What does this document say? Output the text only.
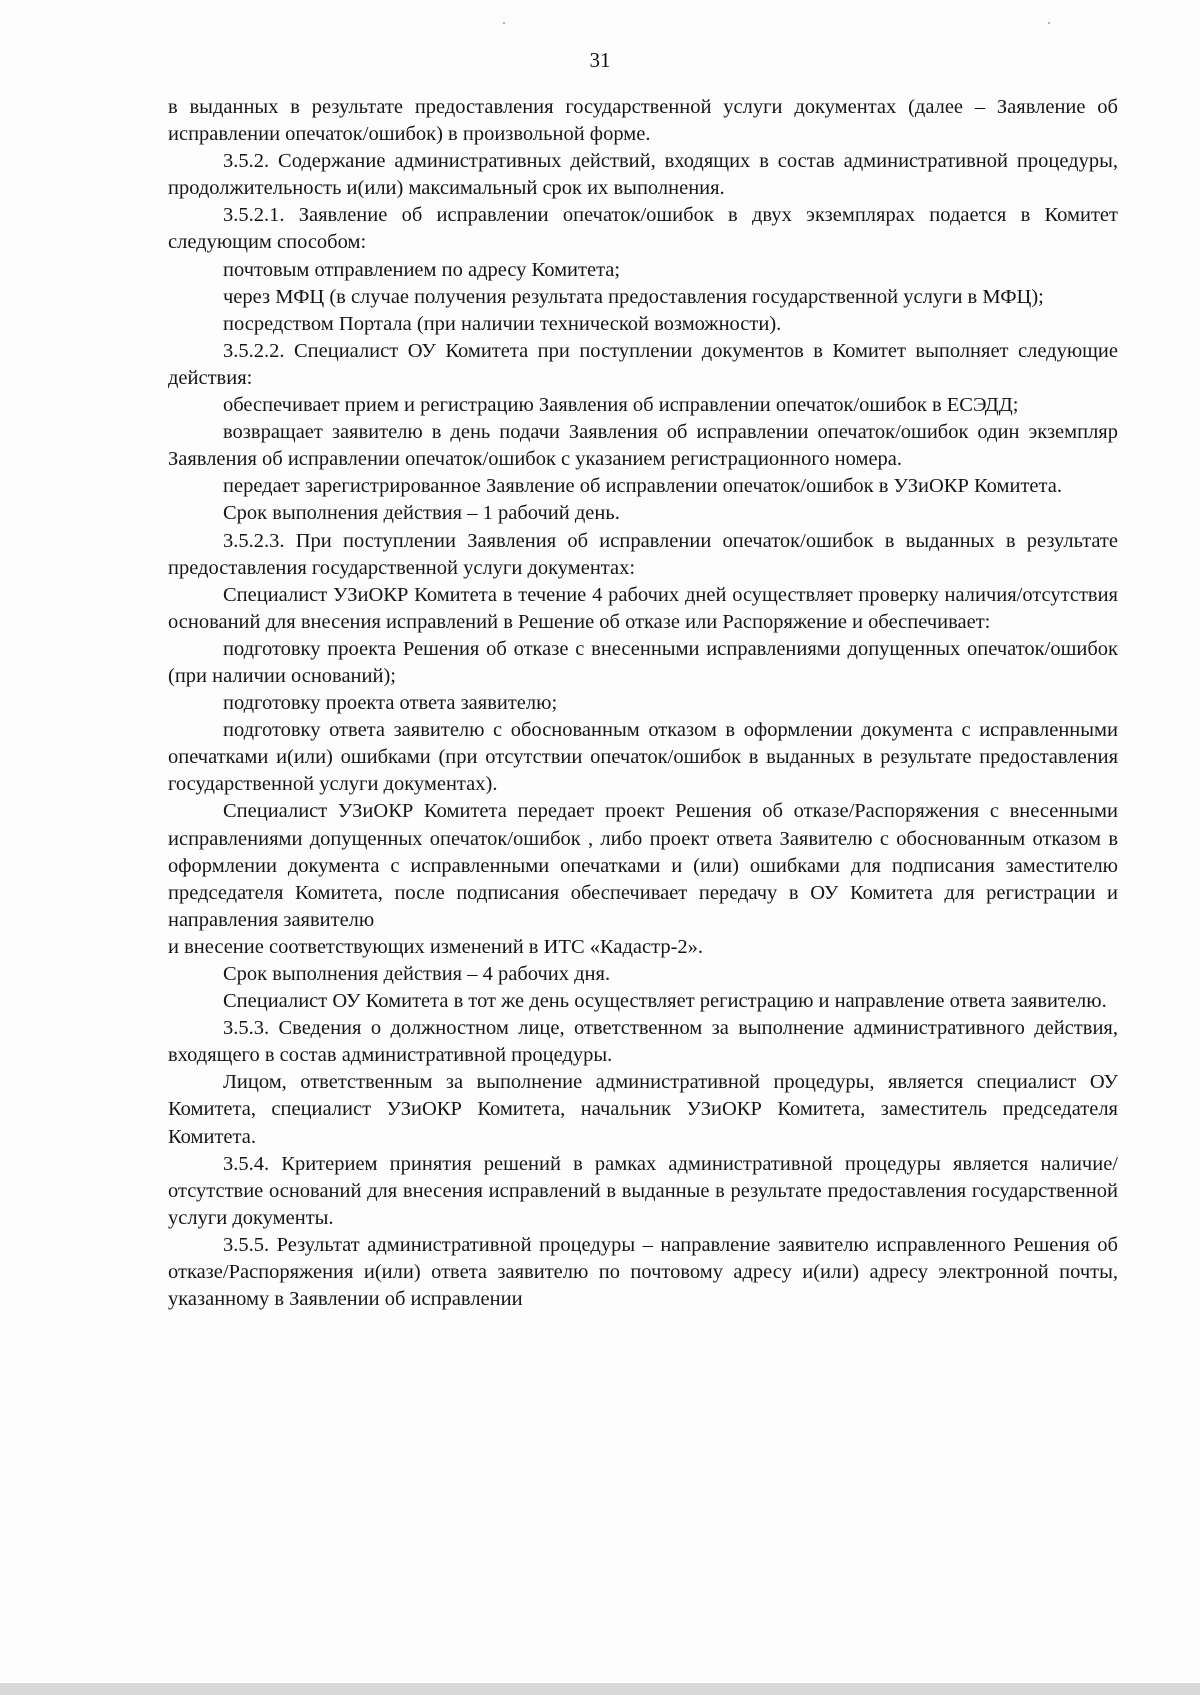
31

в выданных в результате предоставления государственной услуги документах (далее – Заявление об исправлении опечаток/ошибок) в произвольной форме.

3.5.2. Содержание административных действий, входящих в состав административной процедуры, продолжительность и(или) максимальный срок их выполнения.

3.5.2.1. Заявление об исправлении опечаток/ошибок в двух экземплярах подается в Комитет следующим способом:

почтовым отправлением по адресу Комитета;

через МФЦ (в случае получения результата предоставления государственной услуги в МФЦ);

посредством Портала (при наличии технической возможности).

3.5.2.2. Специалист ОУ Комитета при поступлении документов в Комитет выполняет следующие действия:

обеспечивает прием и регистрацию Заявления об исправлении опечаток/ошибок в ЕСЭДД;

возвращает заявителю в день подачи Заявления об исправлении опечаток/ошибок один экземпляр Заявления об исправлении опечаток/ошибок с указанием регистрационного номера.

передает зарегистрированное Заявление об исправлении опечаток/ошибок в УЗиОКР Комитета.

Срок выполнения действия – 1 рабочий день.

3.5.2.3. При поступлении Заявления об исправлении опечаток/ошибок в выданных в результате предоставления государственной услуги документах:

Специалист УЗиОКР Комитета в течение 4 рабочих дней осуществляет проверку наличия/отсутствия оснований для внесения исправлений в Решение об отказе или Распоряжение и обеспечивает:

подготовку проекта Решения об отказе с внесенными исправлениями допущенных опечаток/ошибок (при наличии оснований);

подготовку проекта ответа заявителю;

подготовку ответа заявителю с обоснованным отказом в оформлении документа с исправленными опечатками и(или) ошибками (при отсутствии опечаток/ошибок в выданных в результате предоставления государственной услуги документах).

Специалист УЗиОКР Комитета передает проект Решения об отказе/Распоряжения с внесенными исправлениями допущенных опечаток/ошибок , либо проект ответа Заявителю с обоснованным отказом в оформлении документа с исправленными опечатками и (или) ошибками для подписания заместителю председателя Комитета, после подписания обеспечивает передачу в ОУ Комитета для регистрации и направления заявителю

и внесение соответствующих изменений в ИТС «Кадастр-2».

Срок выполнения действия – 4 рабочих дня.

Специалист ОУ Комитета в тот же день осуществляет регистрацию и направление ответа заявителю.

3.5.3. Сведения о должностном лице, ответственном за выполнение административного действия, входящего в состав административной процедуры.

Лицом, ответственным за выполнение административной процедуры, является специалист ОУ Комитета, специалист УЗиОКР Комитета, начальник УЗиОКР Комитета, заместитель председателя Комитета.

3.5.4. Критерием принятия решений в рамках административной процедуры является наличие/отсутствие оснований для внесения исправлений в выданные в результате предоставления государственной услуги документы.

3.5.5. Результат административной процедуры – направление заявителю исправленного Решения об отказе/Распоряжения и(или) ответа заявителю по почтовому адресу и(или) адресу электронной почты, указанному в Заявлении об исправлении
